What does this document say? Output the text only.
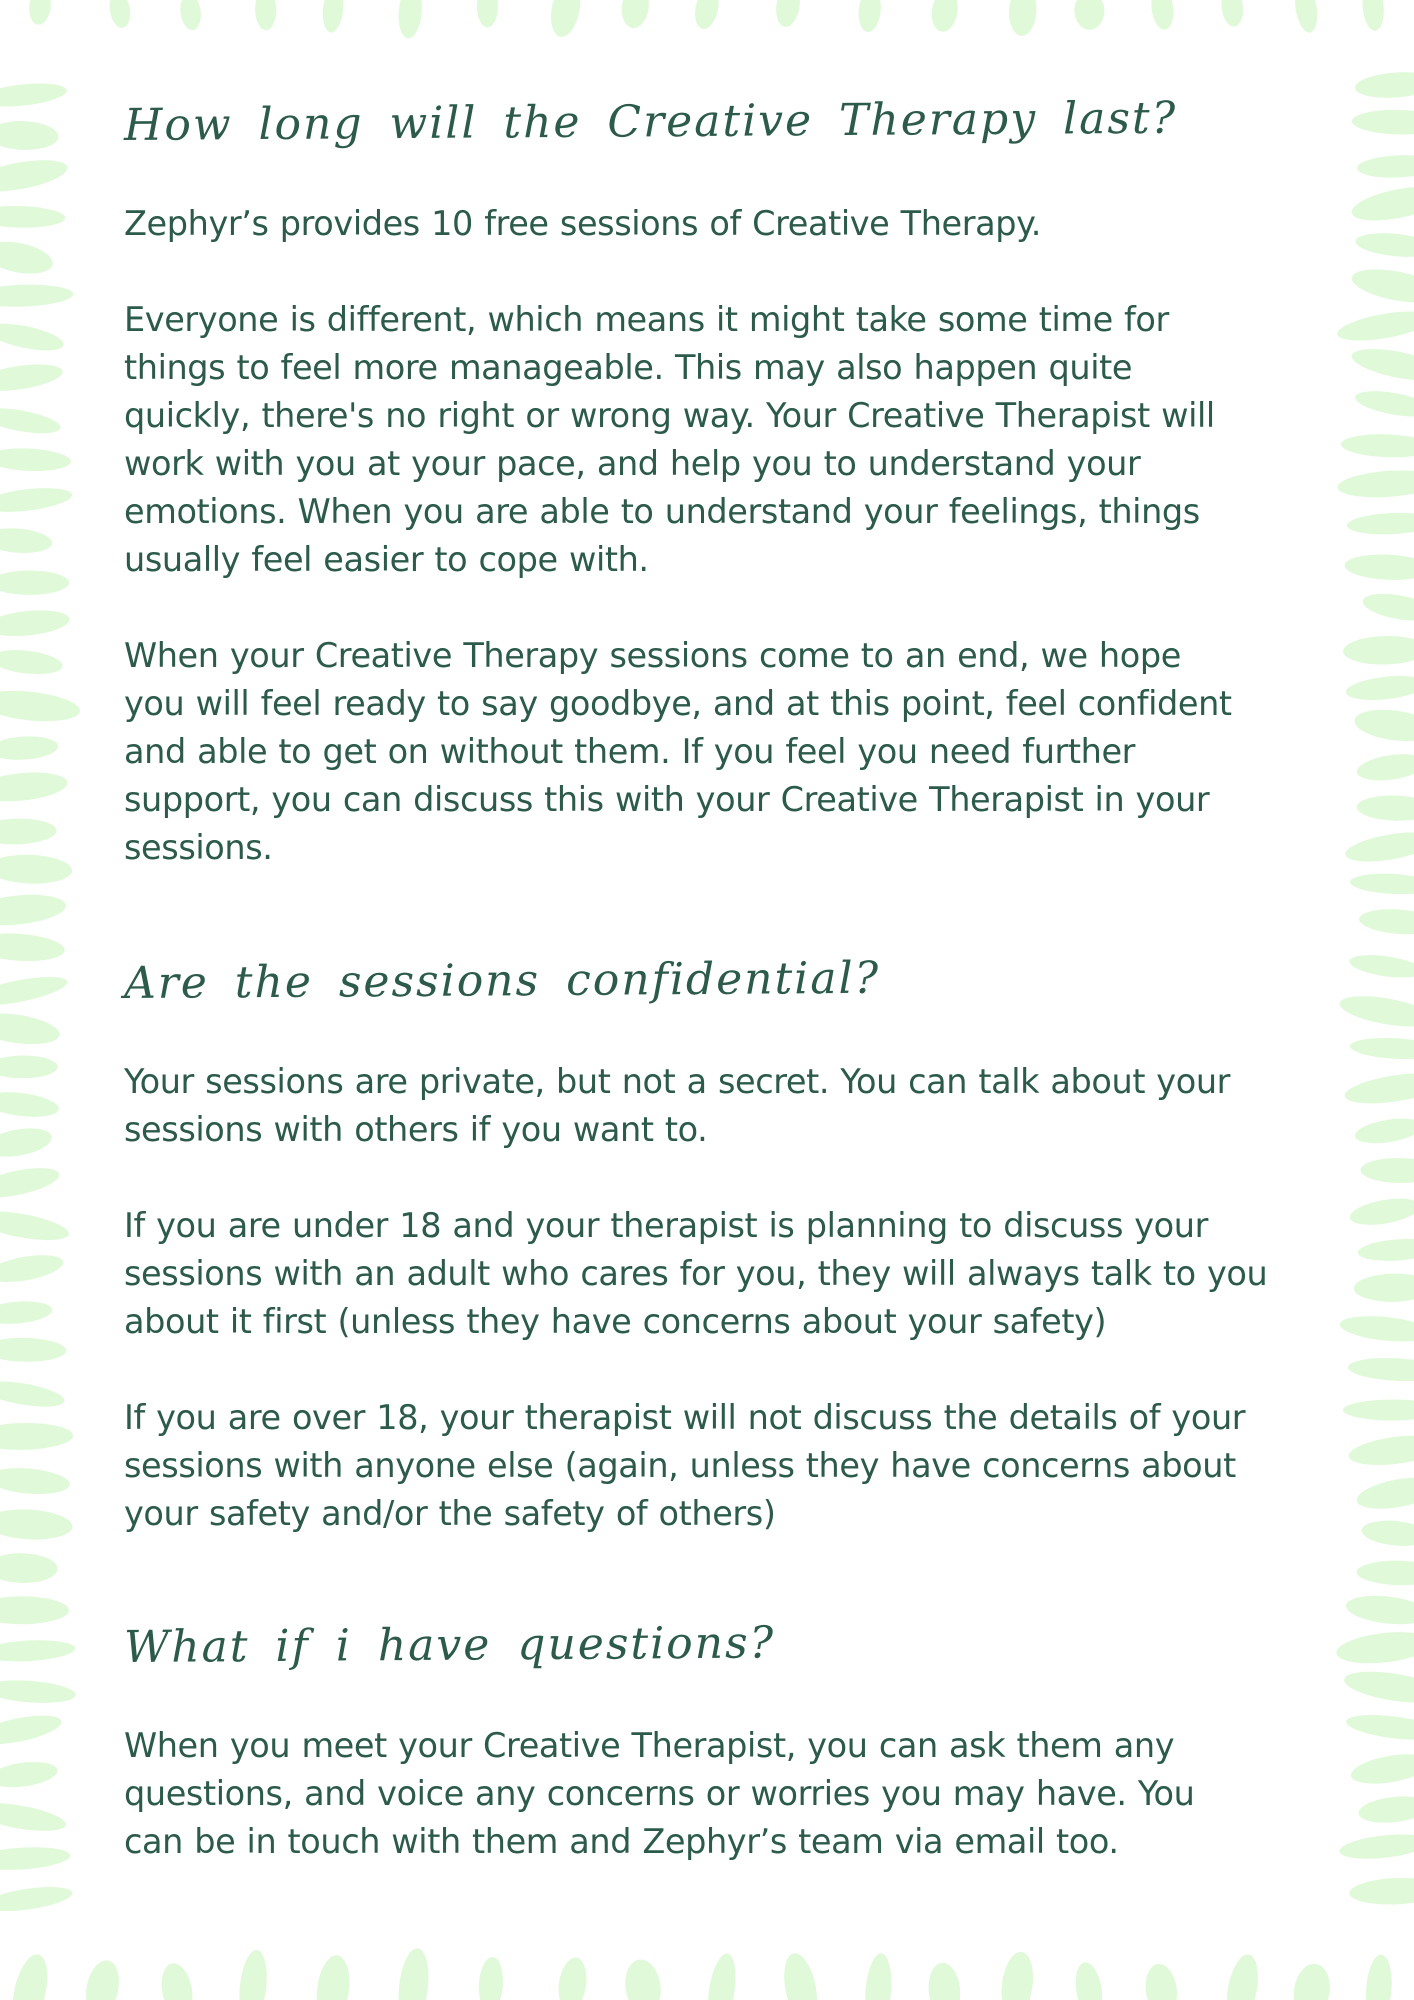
How long will the Creative Therapy last?

Zephyr’s provides 10 free sessions of Creative Therapy.

Everyone is different, which means it might take some time for
things to feel more manageable. This may also happen quite
quickly, there's no right or wrong way. Your Creative Therapist will
work with you at your pace, and help you to understand your
emotions. When you are able to understand your feelings, things
usually feel easier to cope with.

When your Creative Therapy sessions come to an end, we hope
you will feel ready to say goodbye, and at this point, feel confident
and able to get on without them. If you feel you need further
support, you can discuss this with your Creative Therapist in your
sessions.

Are the sessions confidential?

Your sessions are private, but not a secret. You can talk about your
sessions with others if you want to.

If you are under 18 and your therapist is planning to discuss your
sessions with an adult who cares for you, they will always talk to you
about it first (unless they have concerns about your safety)

If you are over 18, your therapist will not discuss the details of your
sessions with anyone else (again, unless they have concerns about
your safety and/or the safety of others)

What if i have questions?

When you meet your Creative Therapist, you can ask them any
questions, and voice any concerns or worries you may have. You
can be in touch with them and Zephyr’s team via email too.
